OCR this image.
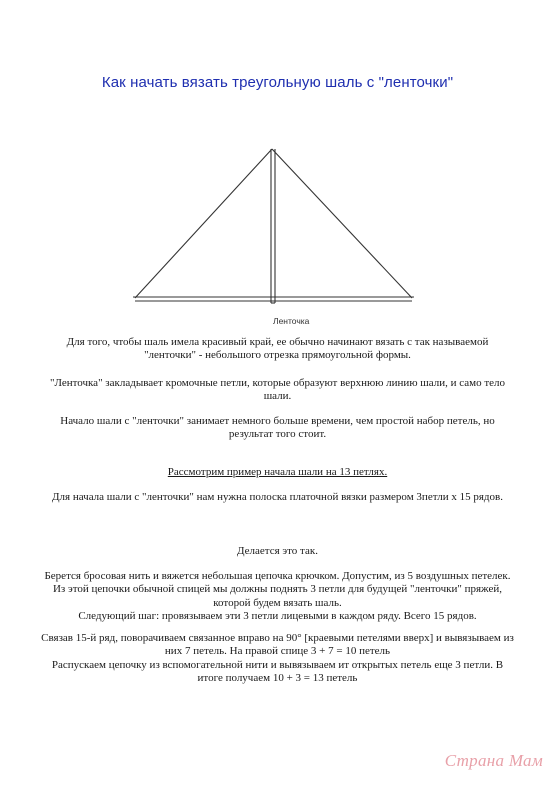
Как начать вязать треугольную шаль с "ленточки"
Ленточка
Для того, чтобы шаль имела красивый край, ее обычно начинают вязать с так называемой "ленточки" - небольшого отрезка прямоугольной формы.
"Ленточка" закладывает кромочные петли, которые образуют верхнюю линию шали, и само тело шали.
Начало шали с "ленточки" занимает немного больше времени, чем простой набор петель, но результат того стоит.
Рассмотрим пример начала шали на 13 петлях.
Для начала шали с "ленточки" нам нужна полоска платочной вязки размером 3петли х 15 рядов.
Делается это так.
Берется бросовая нить и вяжется небольшая цепочка крючком. Допустим, из 5 воздушных петелек.
Из этой цепочки обычной спицей мы должны поднять 3 петли для будущей "ленточки" пряжей, которой будем вязать шаль.
Следующий шаг: провязываем эти 3 петли лицевыми в каждом ряду. Всего 15 рядов.
Связав 15-й ряд, поворачиваем связанное вправо на 90° [краевыми петелями вверх] и вывязываем из них 7 петель. На правой спице 3 + 7 = 10 петель
Распускаем цепочку из вспомогательной нити и вывязываем ит открытых петель еще 3 петли. В итоге получаем 10 + 3 = 13 петель
Страна Мам
